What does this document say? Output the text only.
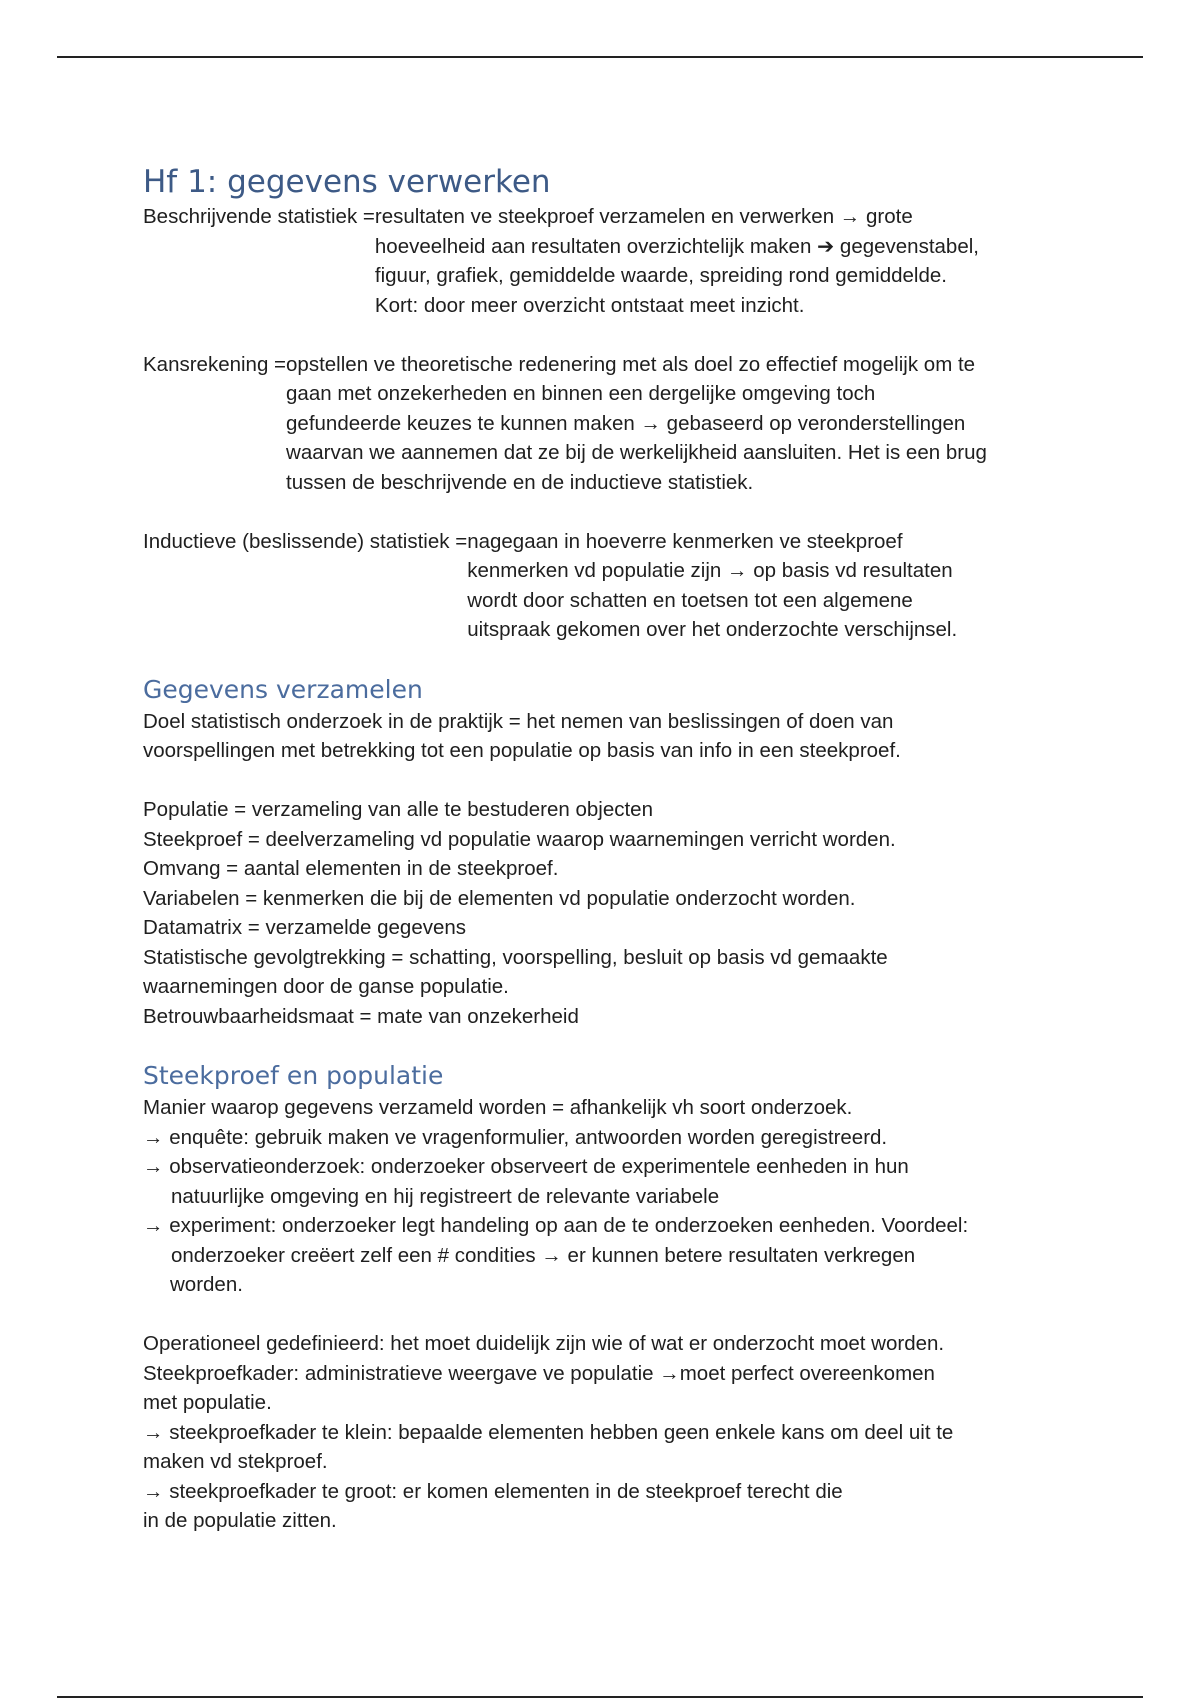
Hf 1: gegevens verwerken
Beschrijvende statistiek = resultaten ve steekproef verzamelen en verwerken → grote
hoeveelheid aan resultaten overzichtelijk maken ➔ gegevenstabel,
figuur, grafiek, gemiddelde waarde, spreiding rond gemiddelde.
Kort: door meer overzicht ontstaat meet inzicht.
Kansrekening = opstellen ve theoretische redenering met als doel zo effectief mogelijk om te
gaan met onzekerheden en binnen een dergelijke omgeving toch
gefundeerde keuzes te kunnen maken → gebaseerd op veronderstellingen
waarvan we aannemen dat ze bij de werkelijkheid aansluiten. Het is een brug
tussen de beschrijvende en de inductieve statistiek.
Inductieve (beslissende) statistiek = nagegaan in hoeverre kenmerken ve steekproef
kenmerken vd populatie zijn → op basis vd resultaten
wordt door schatten en toetsen tot een algemene
uitspraak gekomen over het onderzochte verschijnsel.
Gegevens verzamelen
Doel statistisch onderzoek in de praktijk = het nemen van beslissingen of doen van
voorspellingen met betrekking tot een populatie op basis van info in een steekproef.
Populatie = verzameling van alle te bestuderen objecten
Steekproef = deelverzameling vd populatie waarop waarnemingen verricht worden.
Omvang = aantal elementen in de steekproef.
Variabelen = kenmerken die bij de elementen vd populatie onderzocht worden.
Datamatrix = verzamelde gegevens
Statistische gevolgtrekking = schatting, voorspelling, besluit op basis vd gemaakte
waarnemingen door de ganse populatie.
Betrouwbaarheidsmaat = mate van onzekerheid
Steekproef en populatie
Manier waarop gegevens verzameld worden = afhankelijk vh soort onderzoek.
→ enquête: gebruik maken ve vragenformulier, antwoorden worden geregistreerd.
→ observatieonderzoek: onderzoeker observeert de experimentele eenheden in hun
natuurlijke omgeving en hij registreert de relevante variabele
→ experiment: onderzoeker legt handeling op aan de te onderzoeken eenheden. Voordeel:
onderzoeker creëert zelf een # condities → er kunnen betere resultaten verkregen
worden.
Operationeel gedefinieerd: het moet duidelijk zijn wie of wat er onderzocht moet worden.
Steekproefkader: administratieve weergave ve populatie →moet perfect overeenkomen
met populatie.
→ steekproefkader te klein: bepaalde elementen hebben geen enkele kans om deel uit te
maken vd stekproef.
→ steekproefkader te groot: er komen elementen in de steekproef terecht diе
in de populatie zitten.
